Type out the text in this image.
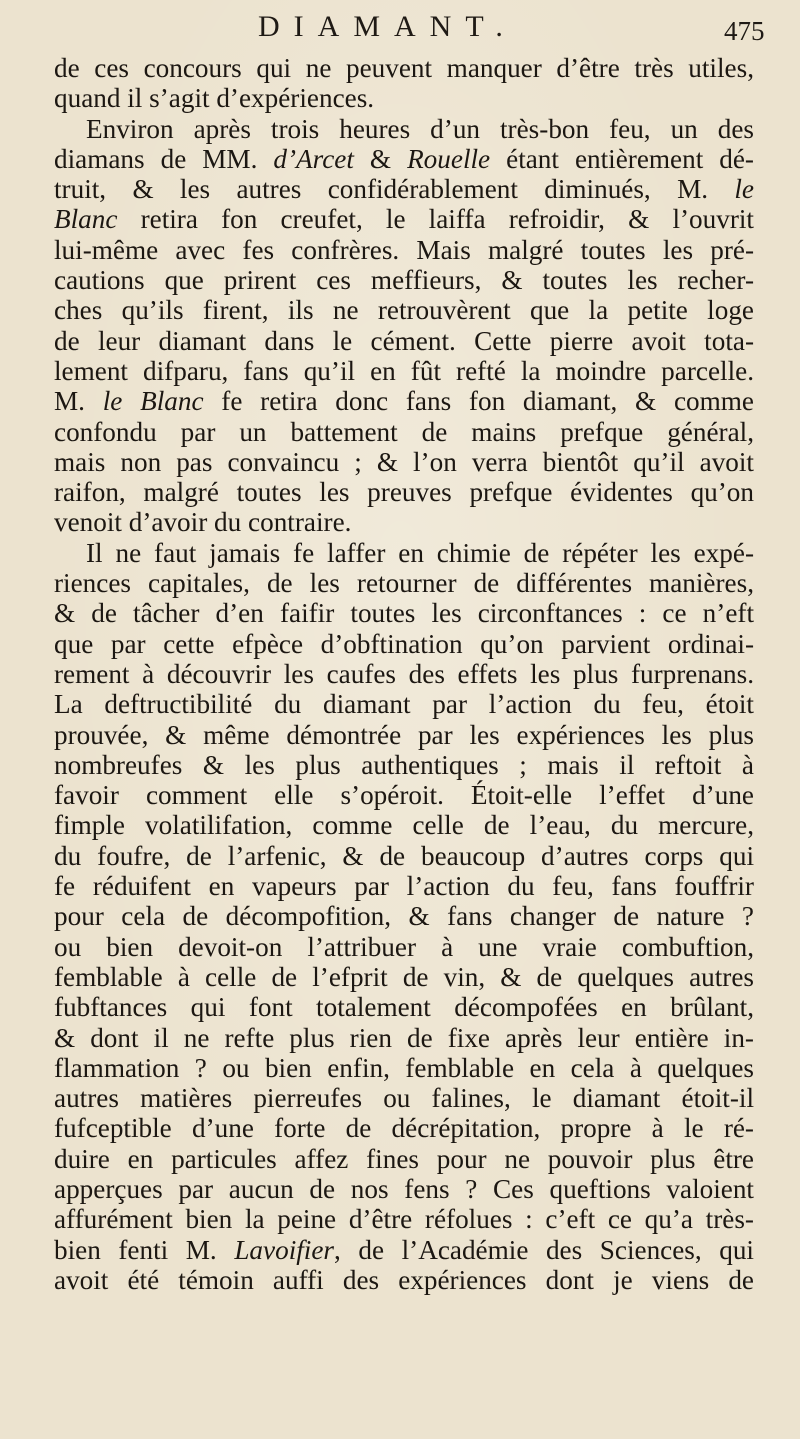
DIAMANT.	475
de ces concours qui ne peuvent manquer d’être très utiles,
quand il s’agit d’expériences.
Environ après trois heures d’un très-bon feu, un des
diamans de MM. d’Arcet & Rouelle étant entièrement dé-
truit, & les autres confidérablement diminués, M. le
Blanc retira fon creufet, le laiffa refroidir, & l’ouvrit
lui-même avec fes confrères. Mais malgré toutes les pré-
cautions que prirent ces meffieurs, & toutes les recher-
ches qu’ils firent, ils ne retrouvèrent que la petite loge
de leur diamant dans le cément. Cette pierre avoit tota-
lement difparu, fans qu’il en fût refté la moindre parcelle.
M. le Blanc fe retira donc fans fon diamant, & comme
confondu par un battement de mains prefque général,
mais non pas convaincu ; & l’on verra bientôt qu’il avoit
raifon, malgré toutes les preuves prefque évidentes qu’on
venoit d’avoir du contraire.
Il ne faut jamais fe laffer en chimie de répéter les expé-
riences capitales, de les retourner de différentes manières,
& de tâcher d’en faifir toutes les circonftances : ce n’eft
que par cette efpèce d’obftination qu’on parvient ordinai-
rement à découvrir les caufes des effets les plus furprenans.
La deftructibilité du diamant par l’action du feu, étoit
prouvée, & même démontrée par les expériences les plus
nombreufes & les plus authentiques ; mais il reftoit à
favoir comment elle s’opéroit. Étoit-elle l’effet d’une
fimple volatilifation, comme celle de l’eau, du mercure,
du foufre, de l’arfenic, & de beaucoup d’autres corps qui
fe réduifent en vapeurs par l’action du feu, fans fouffrir
pour cela de décompofition, & fans changer de nature ?
ou bien devoit-on l’attribuer à une vraie combuftion,
femblable à celle de l’efprit de vin, & de quelques autres
fubftances qui font totalement décompofées en brûlant,
& dont il ne refte plus rien de fixe après leur entière in-
flammation ? ou bien enfin, femblable en cela à quelques
autres matières pierreufes ou falines, le diamant étoit-il
fufceptible d’une forte de décrépitation, propre à le ré-
duire en particules affez fines pour ne pouvoir plus être
apperçues par aucun de nos fens ? Ces queftions valoient
affurément bien la peine d’être réfolues : c’eft ce qu’a très-
bien fenti M. Lavoifier, de l’Académie des Sciences, qui
avoit été témoin auffi des expériences dont je viens de
